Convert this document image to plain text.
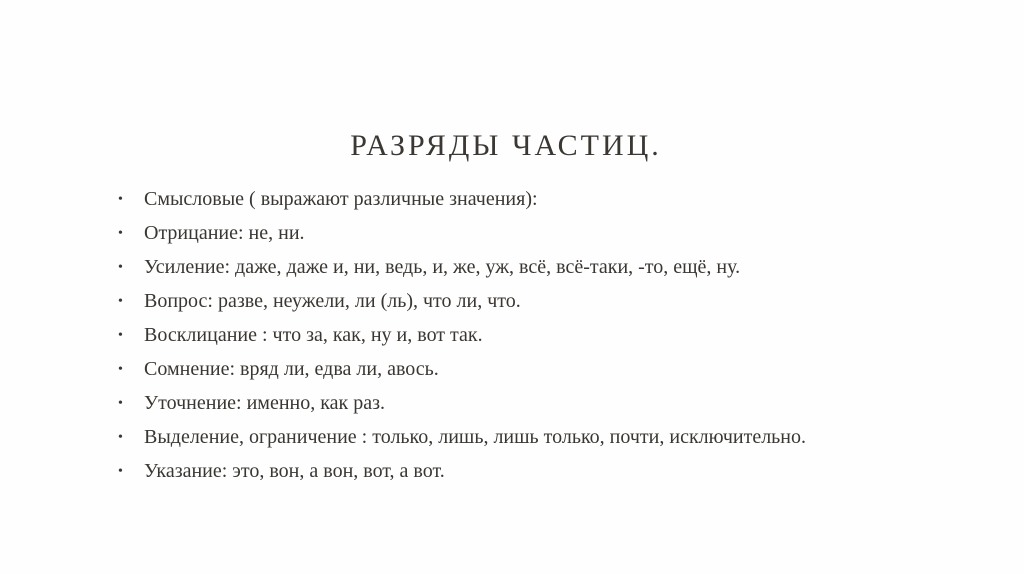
РАЗРЯДЫ ЧАСТИЦ.
•	Смысловые ( выражают различные значения):
•	Отрицание: не, ни.
•	Усиление: даже, даже и, ни, ведь, и, же, уж, всё, всё-таки, -то, ещё, ну.
•	Вопрос: разве, неужели, ли (ль), что ли, что.
•	Восклицание : что за, как, ну и, вот так.
•	Сомнение: вряд ли, едва ли, авось.
•	Уточнение: именно, как раз.
•	Выделение, ограничение : только, лишь, лишь только, почти, исключительно.
•	Указание: это, вон, а вон, вот, а вот.
